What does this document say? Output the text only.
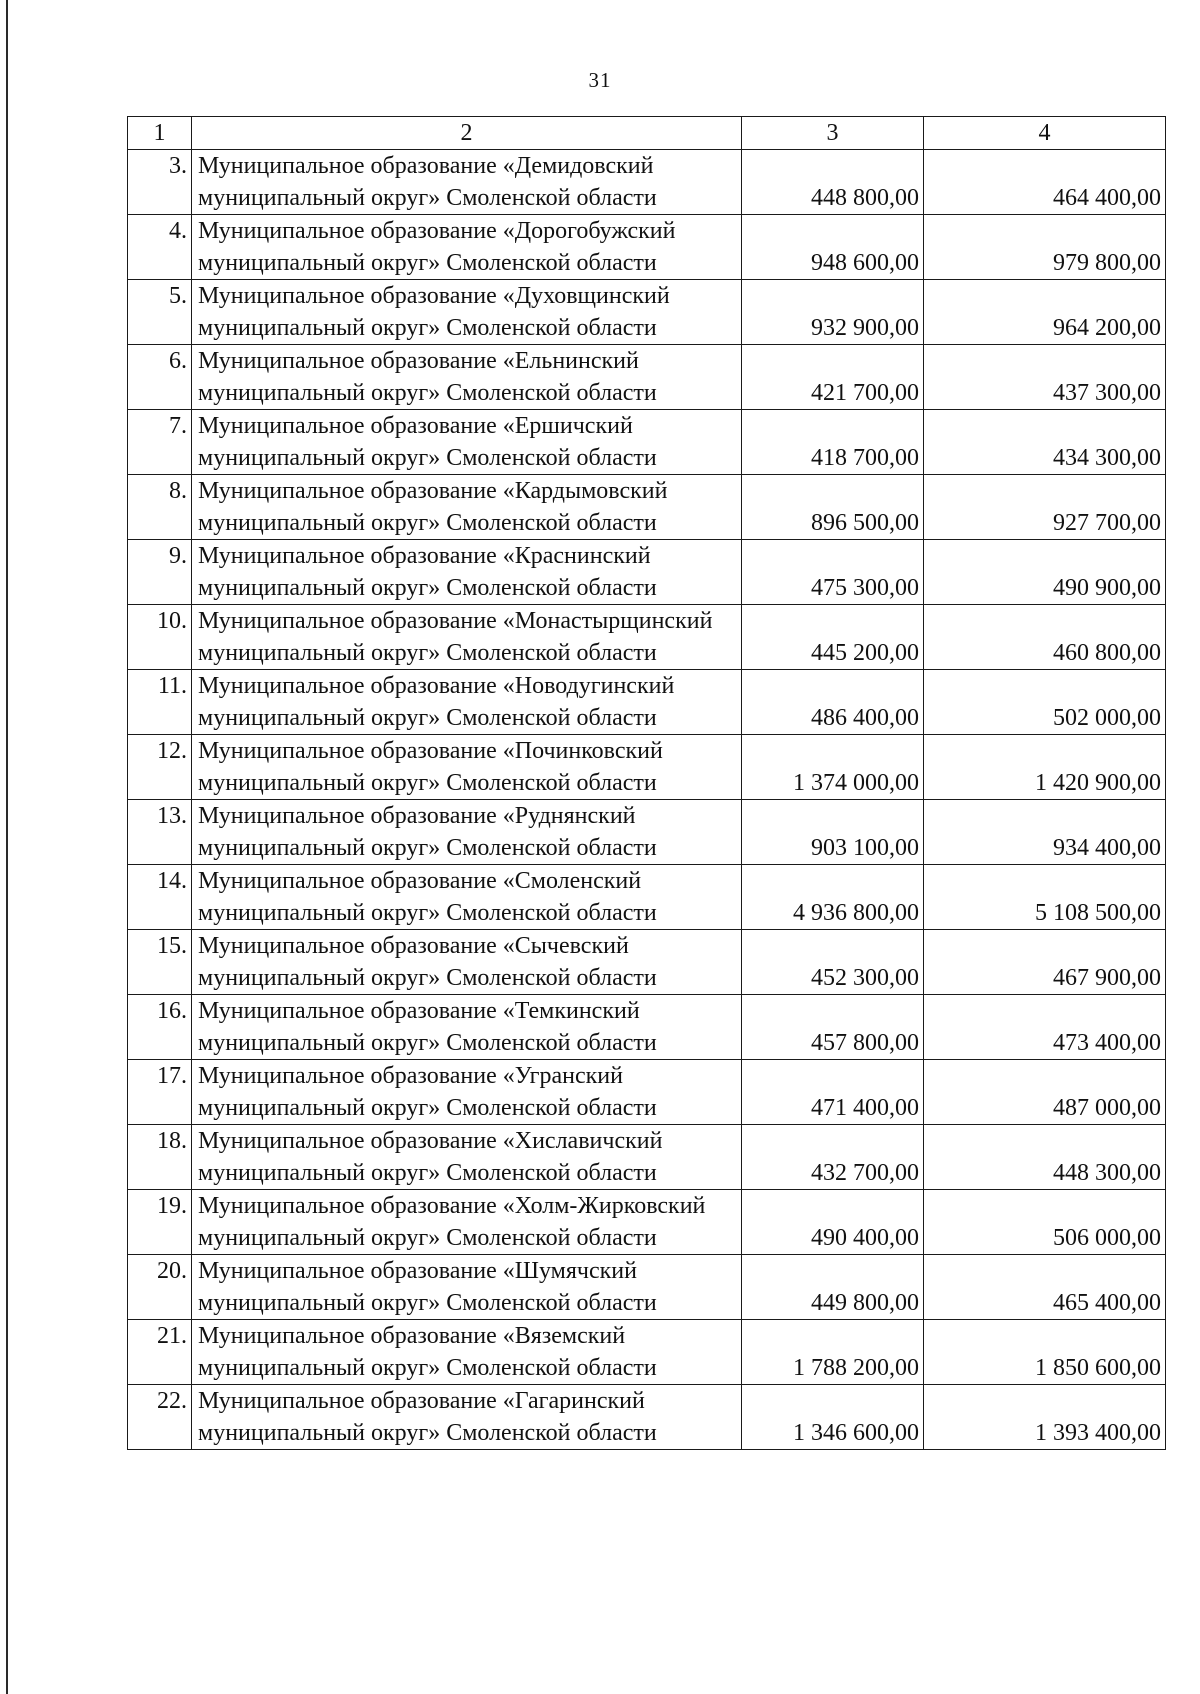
31
1	2	3	4
3.	Муниципальное образование «Демидовский муниципальный округ» Смоленской области	448 800,00	464 400,00
4.	Муниципальное образование «Дорогобужский муниципальный округ» Смоленской области	948 600,00	979 800,00
5.	Муниципальное образование «Духовщинский муниципальный округ» Смоленской области	932 900,00	964 200,00
6.	Муниципальное образование «Ельнинский муниципальный округ» Смоленской области	421 700,00	437 300,00
7.	Муниципальное образование «Ершичский муниципальный округ» Смоленской области	418 700,00	434 300,00
8.	Муниципальное образование «Кардымовский муниципальный округ» Смоленской области	896 500,00	927 700,00
9.	Муниципальное образование «Краснинский муниципальный округ» Смоленской области	475 300,00	490 900,00
10.	Муниципальное образование «Монастырщинский муниципальный округ» Смоленской области	445 200,00	460 800,00
11.	Муниципальное образование «Новодугинский муниципальный округ» Смоленской области	486 400,00	502 000,00
12.	Муниципальное образование «Починковский муниципальный округ» Смоленской области	1 374 000,00	1 420 900,00
13.	Муниципальное образование «Руднянский муниципальный округ» Смоленской области	903 100,00	934 400,00
14.	Муниципальное образование «Смоленский муниципальный округ» Смоленской области	4 936 800,00	5 108 500,00
15.	Муниципальное образование «Сычевский муниципальный округ» Смоленской области	452 300,00	467 900,00
16.	Муниципальное образование «Темкинский муниципальный округ» Смоленской области	457 800,00	473 400,00
17.	Муниципальное образование «Угранский муниципальный округ» Смоленской области	471 400,00	487 000,00
18.	Муниципальное образование «Хиславичский муниципальный округ» Смоленской области	432 700,00	448 300,00
19.	Муниципальное образование «Холм-Жирковский муниципальный округ» Смоленской области	490 400,00	506 000,00
20.	Муниципальное образование «Шумячский муниципальный округ» Смоленской области	449 800,00	465 400,00
21.	Муниципальное образование «Вяземский муниципальный округ» Смоленской области	1 788 200,00	1 850 600,00
22.	Муниципальное образование «Гагаринский муниципальный округ» Смоленской области	1 346 600,00	1 393 400,00
